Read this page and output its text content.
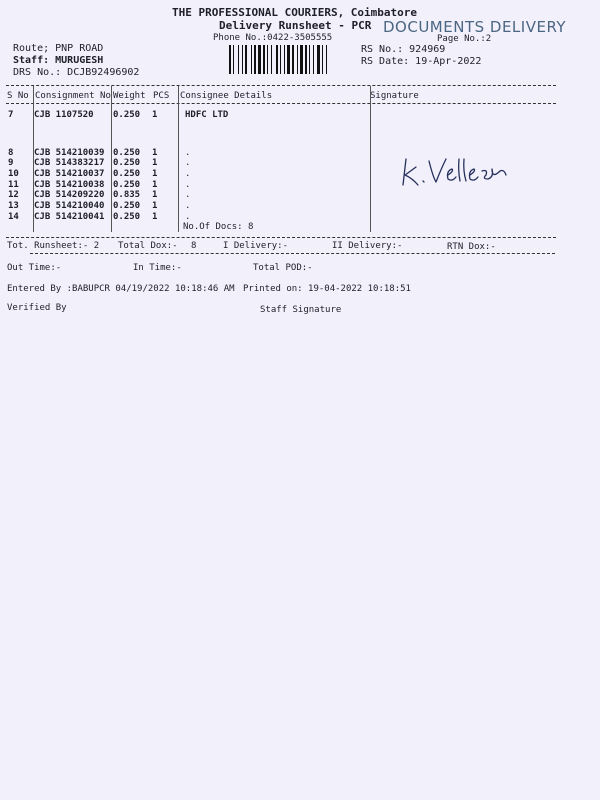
THE PROFESSIONAL COURIERS, Coimbatore
Delivery Runsheet - PCR DOCUMENTS DELIVERY
Phone No.:0422-3505555	Page No.:2
Route; PNP ROAD
Staff: MURUGESH
DRS No.: DCJB92496902
RS No.: 924969
RS Date: 19-Apr-2022
S No Consignment No Weight PCS Consignee Details	Signature
7 CJB 1107520 0.250 1	HDFC LTD
8 CJB 514210039 0.250 1	.
9 CJB 514383217 0.250 1	.
10 CJB 514210037 0.250 1	.
11 CJB 514210038 0.250 1	.
12 CJB 514209220 0.835 1	.
13 CJB 514210040 0.250 1	.
14 CJB 514210041 0.250 1	.
No.Of Docs: 8
Tot. Runsheet:- 2 Total Dox:- 8	I Delivery:-	II Delivery:-	RTN Dox:-
Out Time:-	In Time:-	Total POD:-
Entered By :BABUPCR 04/19/2022 10:18:46 AM Printed on: 19-04-2022 10:18:51
Verified By	Staff Signature
